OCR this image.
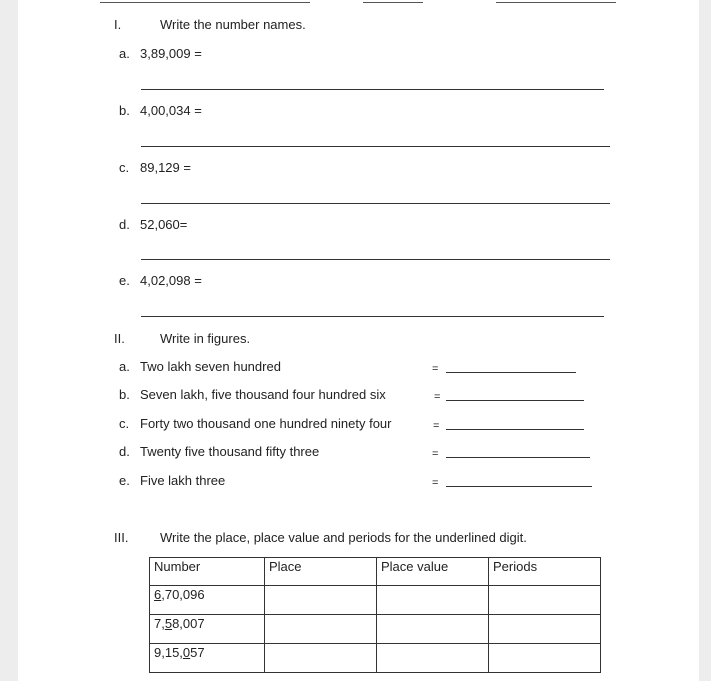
I.	Write the number names.
a. 3,89,009 =
b. 4,00,034 =
c. 89,129 =
d. 52,060=
e. 4,02,098 =
II.	Write in figures.
a. Two lakh seven hundred	=
b. Seven lakh, five thousand four hundred six	=
c. Forty two thousand one hundred ninety four	=
d. Twenty five thousand fifty three	=
e. Five lakh three	=
III. Write the place, place value and periods for the underlined digit.
Number	Place	Place value	Periods
6,70,096			
7,58,007			
9,15,057			
